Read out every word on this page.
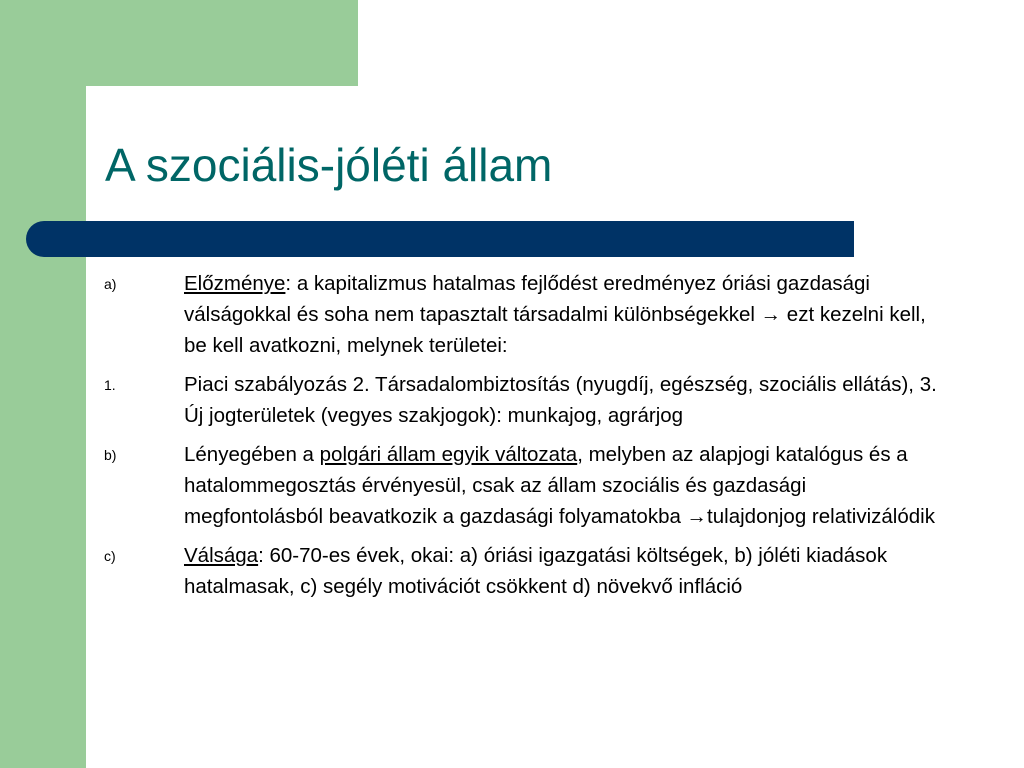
A szociális-jóléti állam
a)	Előzménye: a kapitalizmus hatalmas fejlődést eredményez óriási gazdasági válságokkal és soha nem tapasztalt társadalmi különbségekkel → ezt kezelni kell, be kell avatkozni, melynek területei:
1.	Piaci szabályozás 2. Társadalombiztosítás (nyugdíj, egészség, szociális ellátás), 3. Új jogterületek (vegyes szakjogok): munkajog, agrárjog
b)	Lényegében a polgári állam egyik változata, melyben az alapjogi katalógus és a hatalommegosztás érvényesül, csak az állam szociális és gazdasági megfontolásból beavatkozik a gazdasági folyamatokba →tulajdonjog relativizálódik
c)	Válsága: 60-70-es évek, okai: a) óriási igazgatási költségek, b) jóléti kiadások hatalmasak, c) segély motivációt csökkent d) növekvő infláció
